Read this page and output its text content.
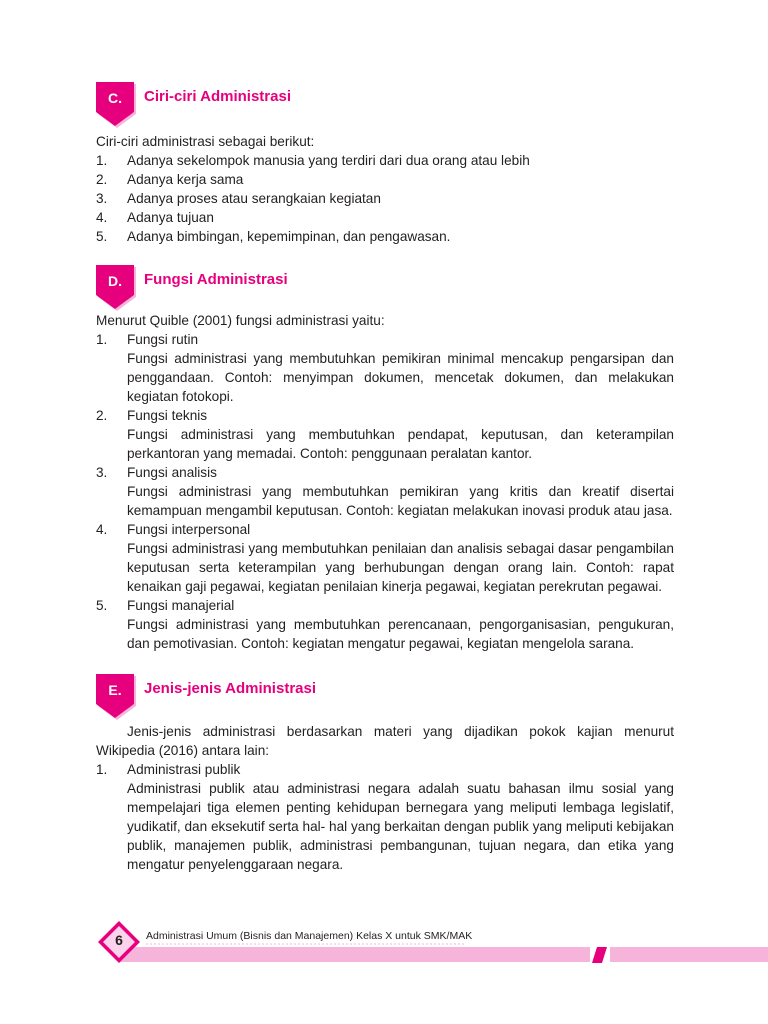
C.	Ciri-ciri Administrasi

Ciri-ciri administrasi sebagai berikut:

1. Adanya sekelompok manusia yang terdiri dari dua orang atau lebih
2. Adanya kerja sama
3. Adanya proses atau serangkaian kegiatan
4. Adanya tujuan
5. Adanya bimbingan, kepemimpinan, dan pengawasan.
D.	Fungsi Administrasi

Menurut Quible (2001) fungsi administrasi yaitu:

1. Fungsi rutin
Fungsi administrasi yang membutuhkan pemikiran minimal mencakup pengarsipan dan penggandaan. Contoh: menyimpan dokumen, mencetak dokumen, dan melakukan kegiatan fotokopi.
2. Fungsi teknis
Fungsi administrasi yang membutuhkan pendapat, keputusan, dan keterampilan perkantoran yang memadai. Contoh: penggunaan peralatan kantor.
3. Fungsi analisis
Fungsi administrasi yang membutuhkan pemikiran yang kritis dan kreatif disertai kemampuan mengambil keputusan. Contoh: kegiatan melakukan inovasi produk atau jasa.
4. Fungsi interpersonal
Fungsi administrasi yang membutuhkan penilaian dan analisis sebagai dasar pengambilan keputusan serta keterampilan yang berhubungan dengan orang lain. Contoh: rapat kenaikan gaji pegawai, kegiatan penilaian kinerja pegawai, kegiatan perekrutan pegawai.
5. Fungsi manajerial
Fungsi administrasi yang membutuhkan perencanaan, pengorganisasian, pengukuran, dan pemotivasian. Contoh: kegiatan mengatur pegawai, kegiatan mengelola sarana.
E.	Jenis-jenis Administrasi

Jenis-jenis administrasi berdasarkan materi yang dijadikan pokok kajian menurut Wikipedia (2016) antara lain:

1. Administrasi publik
Administrasi publik atau administrasi negara adalah suatu bahasan ilmu sosial yang mempelajari tiga elemen penting kehidupan bernegara yang meliputi lembaga legislatif, yudikatif, dan eksekutif serta hal- hal yang berkaitan dengan publik yang meliputi kebijakan publik, manajemen publik, administrasi pembangunan, tujuan negara, dan etika yang mengatur penyelenggaraan negara.
6	Administrasi Umum (Bisnis dan Manajemen) Kelas X untuk SMK/MAK
